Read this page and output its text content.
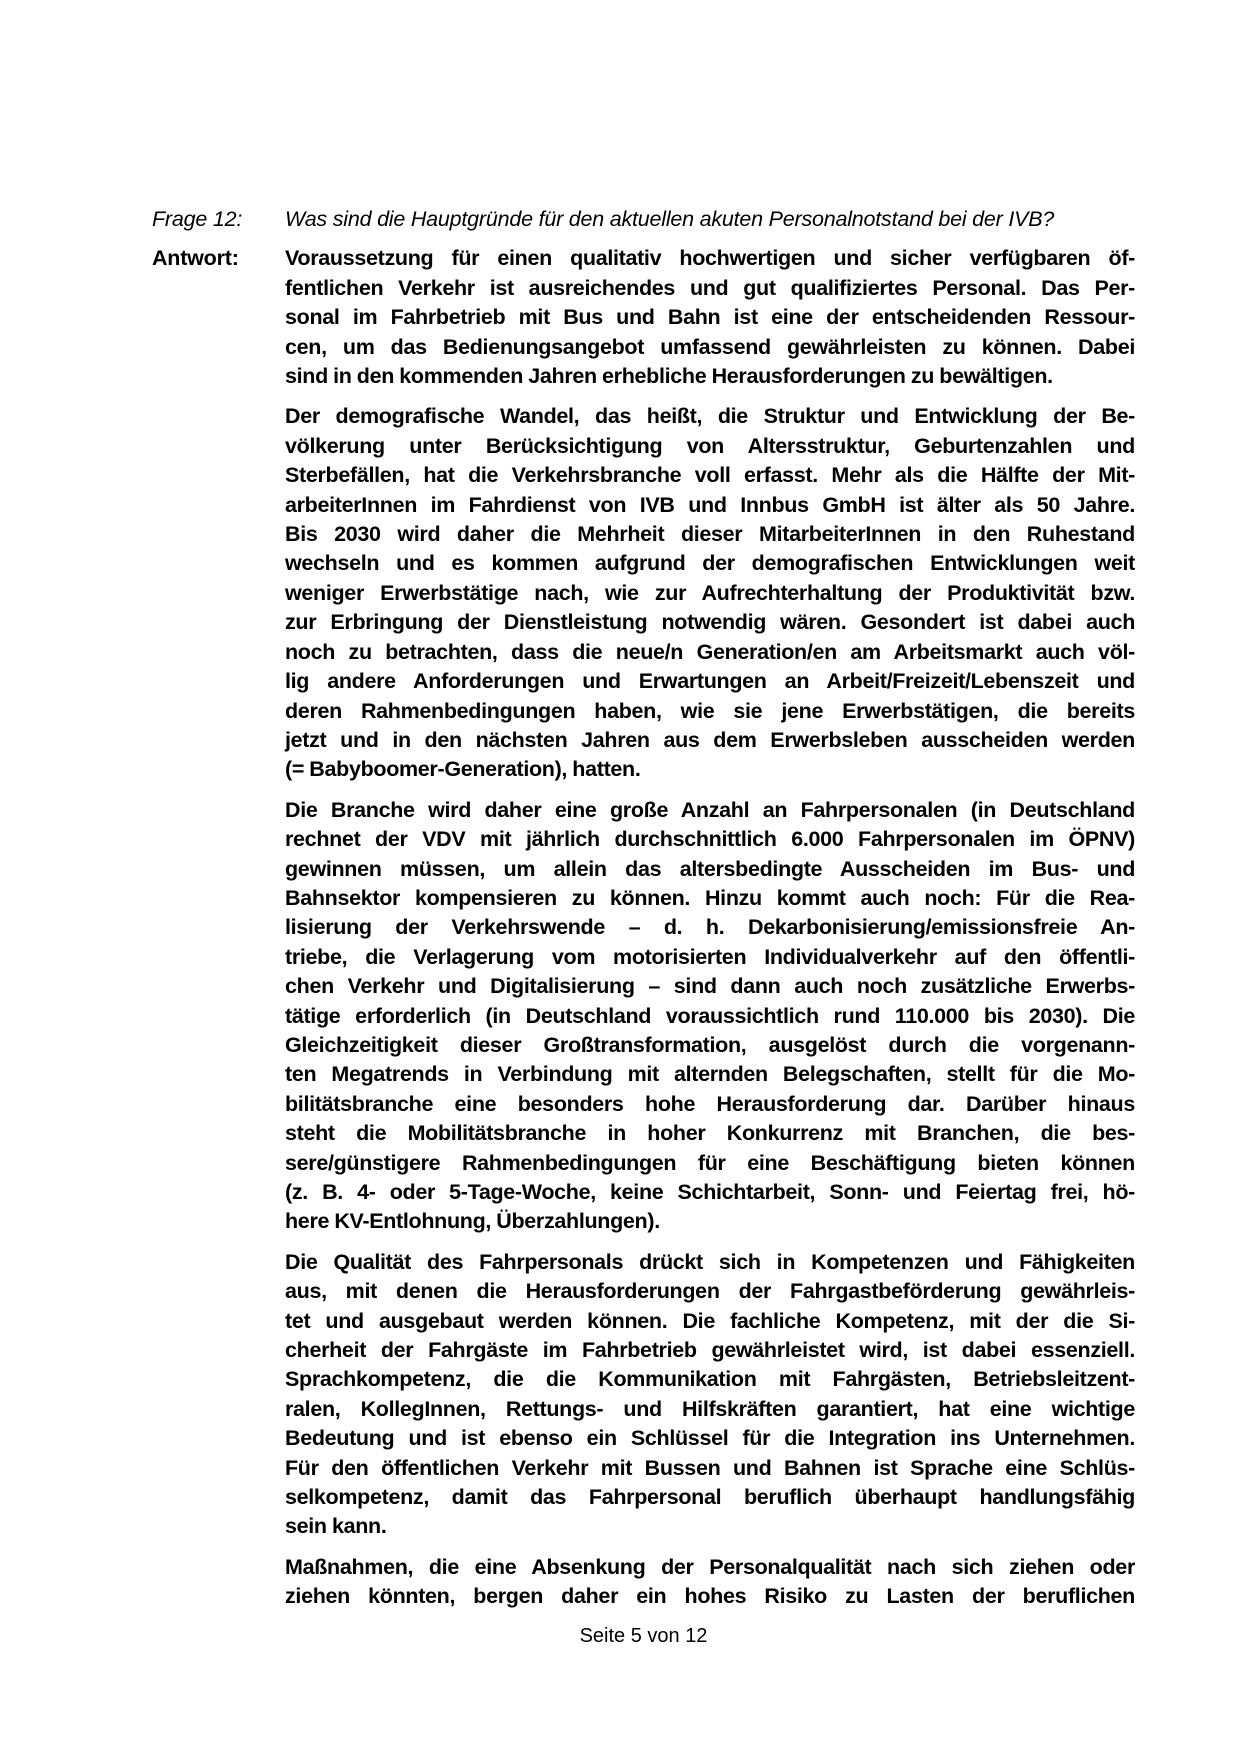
Frage 12:	Was sind die Hauptgründe für den aktuellen akuten Personalnotstand bei der IVB?
Antwort:	Voraussetzung für einen qualitativ hochwertigen und sicher verfügbaren öf-
fentlichen Verkehr ist ausreichendes und gut qualifiziertes Personal. Das Per-
sonal im Fahrbetrieb mit Bus und Bahn ist eine der entscheidenden Ressour-
cen, um das Bedienungsangebot umfassend gewährleisten zu können. Dabei
sind in den kommenden Jahren erhebliche Herausforderungen zu bewältigen.
Der demografische Wandel, das heißt, die Struktur und Entwicklung der Be-
völkerung unter Berücksichtigung von Altersstruktur, Geburtenzahlen und
Sterbefällen, hat die Verkehrsbranche voll erfasst. Mehr als die Hälfte der Mit-
arbeiterInnen im Fahrdienst von IVB und Innbus GmbH ist älter als 50 Jahre.
Bis 2030 wird daher die Mehrheit dieser MitarbeiterInnen in den Ruhestand
wechseln und es kommen aufgrund der demografischen Entwicklungen weit
weniger Erwerbstätige nach, wie zur Aufrechterhaltung der Produktivität bzw.
zur Erbringung der Dienstleistung notwendig wären. Gesondert ist dabei auch
noch zu betrachten, dass die neue/n Generation/en am Arbeitsmarkt auch völ-
lig andere Anforderungen und Erwartungen an Arbeit/Freizeit/Lebenszeit und
deren Rahmenbedingungen haben, wie sie jene Erwerbstätigen, die bereits
jetzt und in den nächsten Jahren aus dem Erwerbsleben ausscheiden werden
(= Babyboomer-Generation), hatten.
Die Branche wird daher eine große Anzahl an Fahrpersonalen (in Deutschland
rechnet der VDV mit jährlich durchschnittlich 6.000 Fahrpersonalen im ÖPNV)
gewinnen müssen, um allein das altersbedingte Ausscheiden im Bus- und
Bahnsektor kompensieren zu können. Hinzu kommt auch noch: Für die Rea-
lisierung der Verkehrswende – d. h. Dekarbonisierung/emissionsfreie An-
triebe, die Verlagerung vom motorisierten Individualverkehr auf den öffentli-
chen Verkehr und Digitalisierung – sind dann auch noch zusätzliche Erwerbs-
tätige erforderlich (in Deutschland voraussichtlich rund 110.000 bis 2030). Die
Gleichzeitigkeit dieser Großtransformation, ausgelöst durch die vorgenann-
ten Megatrends in Verbindung mit alternden Belegschaften, stellt für die Mo-
bilitätsbranche eine besonders hohe Herausforderung dar. Darüber hinaus
steht die Mobilitätsbranche in hoher Konkurrenz mit Branchen, die bes-
sere/günstigere Rahmenbedingungen für eine Beschäftigung bieten können
(z. B. 4- oder 5-Tage-Woche, keine Schichtarbeit, Sonn- und Feiertag frei, hö-
here KV-Entlohnung, Überzahlungen).
Die Qualität des Fahrpersonals drückt sich in Kompetenzen und Fähigkeiten
aus, mit denen die Herausforderungen der Fahrgastbeförderung gewährleis-
tet und ausgebaut werden können. Die fachliche Kompetenz, mit der die Si-
cherheit der Fahrgäste im Fahrbetrieb gewährleistet wird, ist dabei essenziell.
Sprachkompetenz, die die Kommunikation mit Fahrgästen, Betriebsleitzent-
ralen, KollegInnen, Rettungs- und Hilfskräften garantiert, hat eine wichtige
Bedeutung und ist ebenso ein Schlüssel für die Integration ins Unternehmen.
Für den öffentlichen Verkehr mit Bussen und Bahnen ist Sprache eine Schlüs-
selkompetenz, damit das Fahrpersonal beruflich überhaupt handlungsfähig
sein kann.
Maßnahmen, die eine Absenkung der Personalqualität nach sich ziehen oder
ziehen könnten, bergen daher ein hohes Risiko zu Lasten der beruflichen
Seite 5 von 12
